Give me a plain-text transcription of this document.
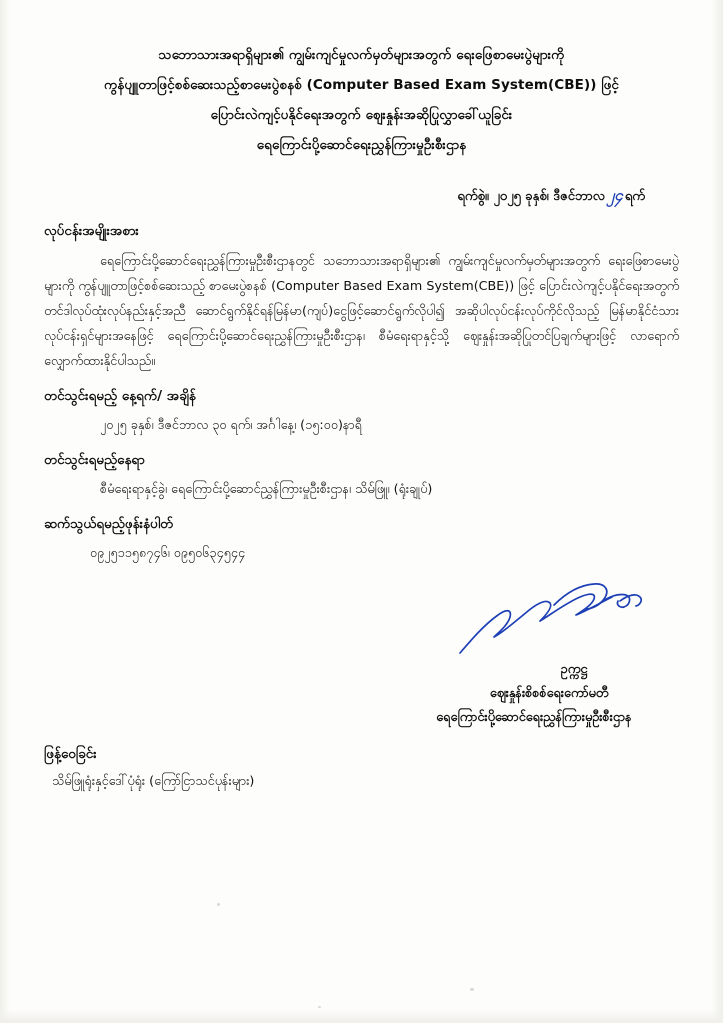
သဘောသားအရာရှိများ၏ ကျွမ်းကျင်မှုလက်မှတ်များအတွက် ရေးဖြေစာမေးပွဲများကို
ကွန်ပျူတာဖြင့်စစ်ဆေးသည့်စာမေးပွဲစနစ် (Computer Based Exam System(CBE)) ဖြင့်
ပြောင်းလဲကျင့်ပနိုင်ရေးအတွက် ဈေးနှုန်းအဆိုပြုလွှာခေါ်ယူခြင်း
ရေကြောင်းပို့ဆောင်ရေးညွှန်ကြားမှုဦးစီးဌာန
ရက်စွဲ။ ၂၀၂၅ ခုနှစ်၊ ဒီဇင်ဘာလ ၂၄ ရက်
လုပ်ငန်းအမျိုးအစား
ရေကြောင်းပို့ဆောင်ရေးညွှန်ကြားမှုဦးစီးဌာနတွင် သဘောသားအရာရှိများ၏ ကျွမ်းကျင်မှုလက်မှတ်များအတွက် ရေးဖြေစာမေးပွဲများကို ကွန်ပျူတာဖြင့်စစ်ဆေးသည့် စာမေးပွဲစနစ် (Computer Based Exam System(CBE)) ဖြင့် ပြောင်းလဲကျင့်ပနိုင်ရေးအတွက် တင်ဒါလုပ်ထုံးလုပ်နည်းနှင့်အညီ ဆောင်ရွက်နိုင်ရန်မြန်မာ(ကျပ်)ငွေဖြင့်ဆောင်ရွက်လိုပါ၍ အဆိုပါလုပ်ငန်းလုပ်ကိုင်လိုသည့် မြန်မာနိုင်ငံသားလုပ်ငန်းရှင်များအနေဖြင့် ရေကြောင်းပို့ဆောင်ရေးညွှန်ကြားမှုဦးစီးဌာန၊ စီမံရေးရာနှင့်သို့ ဈေးနှုန်းအဆိုပြုတင်ပြချက်များဖြင့် လာရောက်လျှောက်ထားနိုင်ပါသည်။
တင်သွင်းရမည့် နေ့ရက်/ အချိန်
၂၀၂၅ ခုနှစ်၊ ဒီဇင်ဘာလ ၃၀ ရက်၊ အင်္ဂါနေ့၊ (၁၅:၀၀)နာရီ
တင်သွင်းရမည့်နေရာ
စီမံရေးရာနှင့်ခွဲ၊ ရေကြောင်းပို့ဆောင်ညွှန်ကြားမှုဦးစီးဌာန၊ သိမ်ဖြူ၊ (ရုံးချုပ်)
ဆက်သွယ်ရမည့်ဖုန်းနံပါတ်
၀၉၂၅၁၁၅၈၇၄၆၊ ၀၉၅၀၆၃၄၅၄၄
ဥက္ကဋ္ဌ
ဈေးနှုန်းစိစစ်ရေးကော်မတီ
ရေကြောင်းပို့ဆောင်ရေးညွှန်ကြားမှုဦးစီးဌာန
ဖြန့်ဝေခြင်း
သိမ်ဖြူရုံးနှင့်ဒေါ်ပုံရုံး (ကြော်ငြာသင်ပုန်းများ)
